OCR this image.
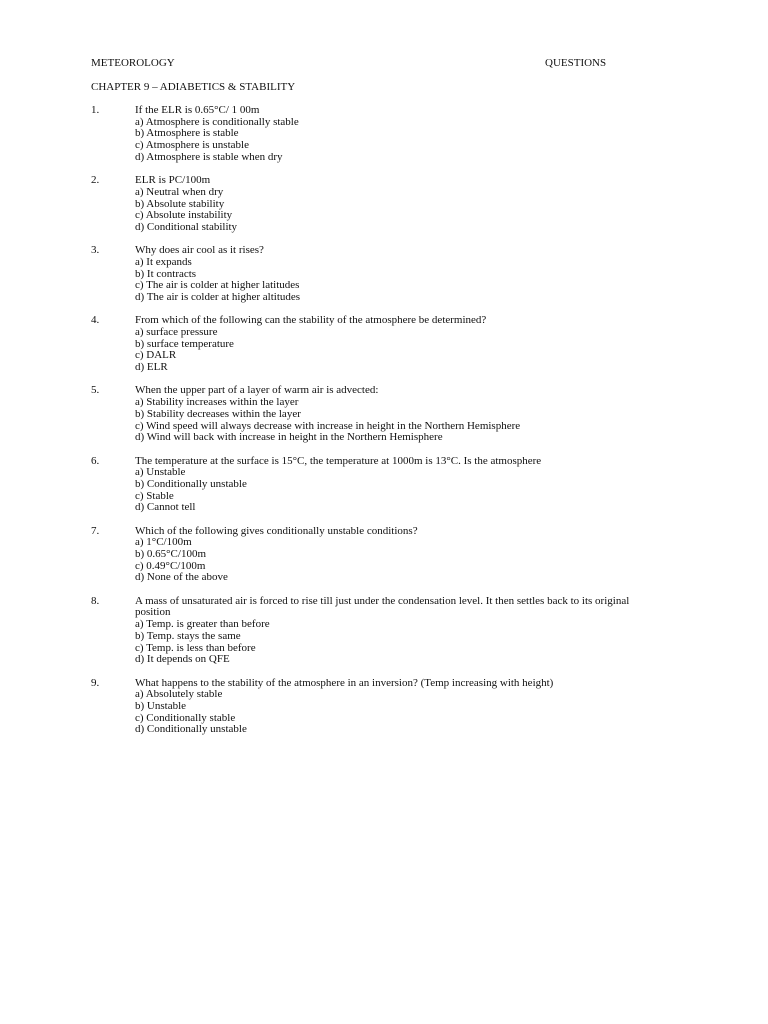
METEOROLOGY	QUESTIONS
CHAPTER 9 – ADIABETICS & STABILITY
1.	If the ELR is 0.65°C/ 1 00m
a) Atmosphere is conditionally stable
b) Atmosphere is stable
c) Atmosphere is unstable
d) Atmosphere is stable when dry
2.	ELR is PC/100m
a) Neutral when dry
b) Absolute stability
c) Absolute instability
d) Conditional stability
3.	Why does air cool as it rises?
a) It expands
b) It contracts
c) The air is colder at higher latitudes
d) The air is colder at higher altitudes
4.	From which of the following can the stability of the atmosphere be determined?
a) surface pressure
b) surface temperature
c) DALR
d) ELR
5.	When the upper part of a layer of warm air is advected:
a) Stability increases within the layer
b) Stability decreases within the layer
c) Wind speed will always decrease with increase in height in the Northern Hemisphere
d) Wind will back with increase in height in the Northern Hemisphere
6.	The temperature at the surface is 15°C, the temperature at 1000m is 13°C. Is the atmosphere
a) Unstable
b) Conditionally unstable
c) Stable
d) Cannot tell
7.	Which of the following gives conditionally unstable conditions?
a) 1°C/100m
b) 0.65°C/100m
c) 0.49°C/100m
d) None of the above
8.	A mass of unsaturated air is forced to rise till just under the condensation level. It then settles back to its original position
a) Temp. is greater than before
b) Temp. stays the same
c) Temp. is less than before
d) It depends on QFE
9.	What happens to the stability of the atmosphere in an inversion? (Temp increasing with height)
a) Absolutely stable
b) Unstable
c) Conditionally stable
d) Conditionally unstable
